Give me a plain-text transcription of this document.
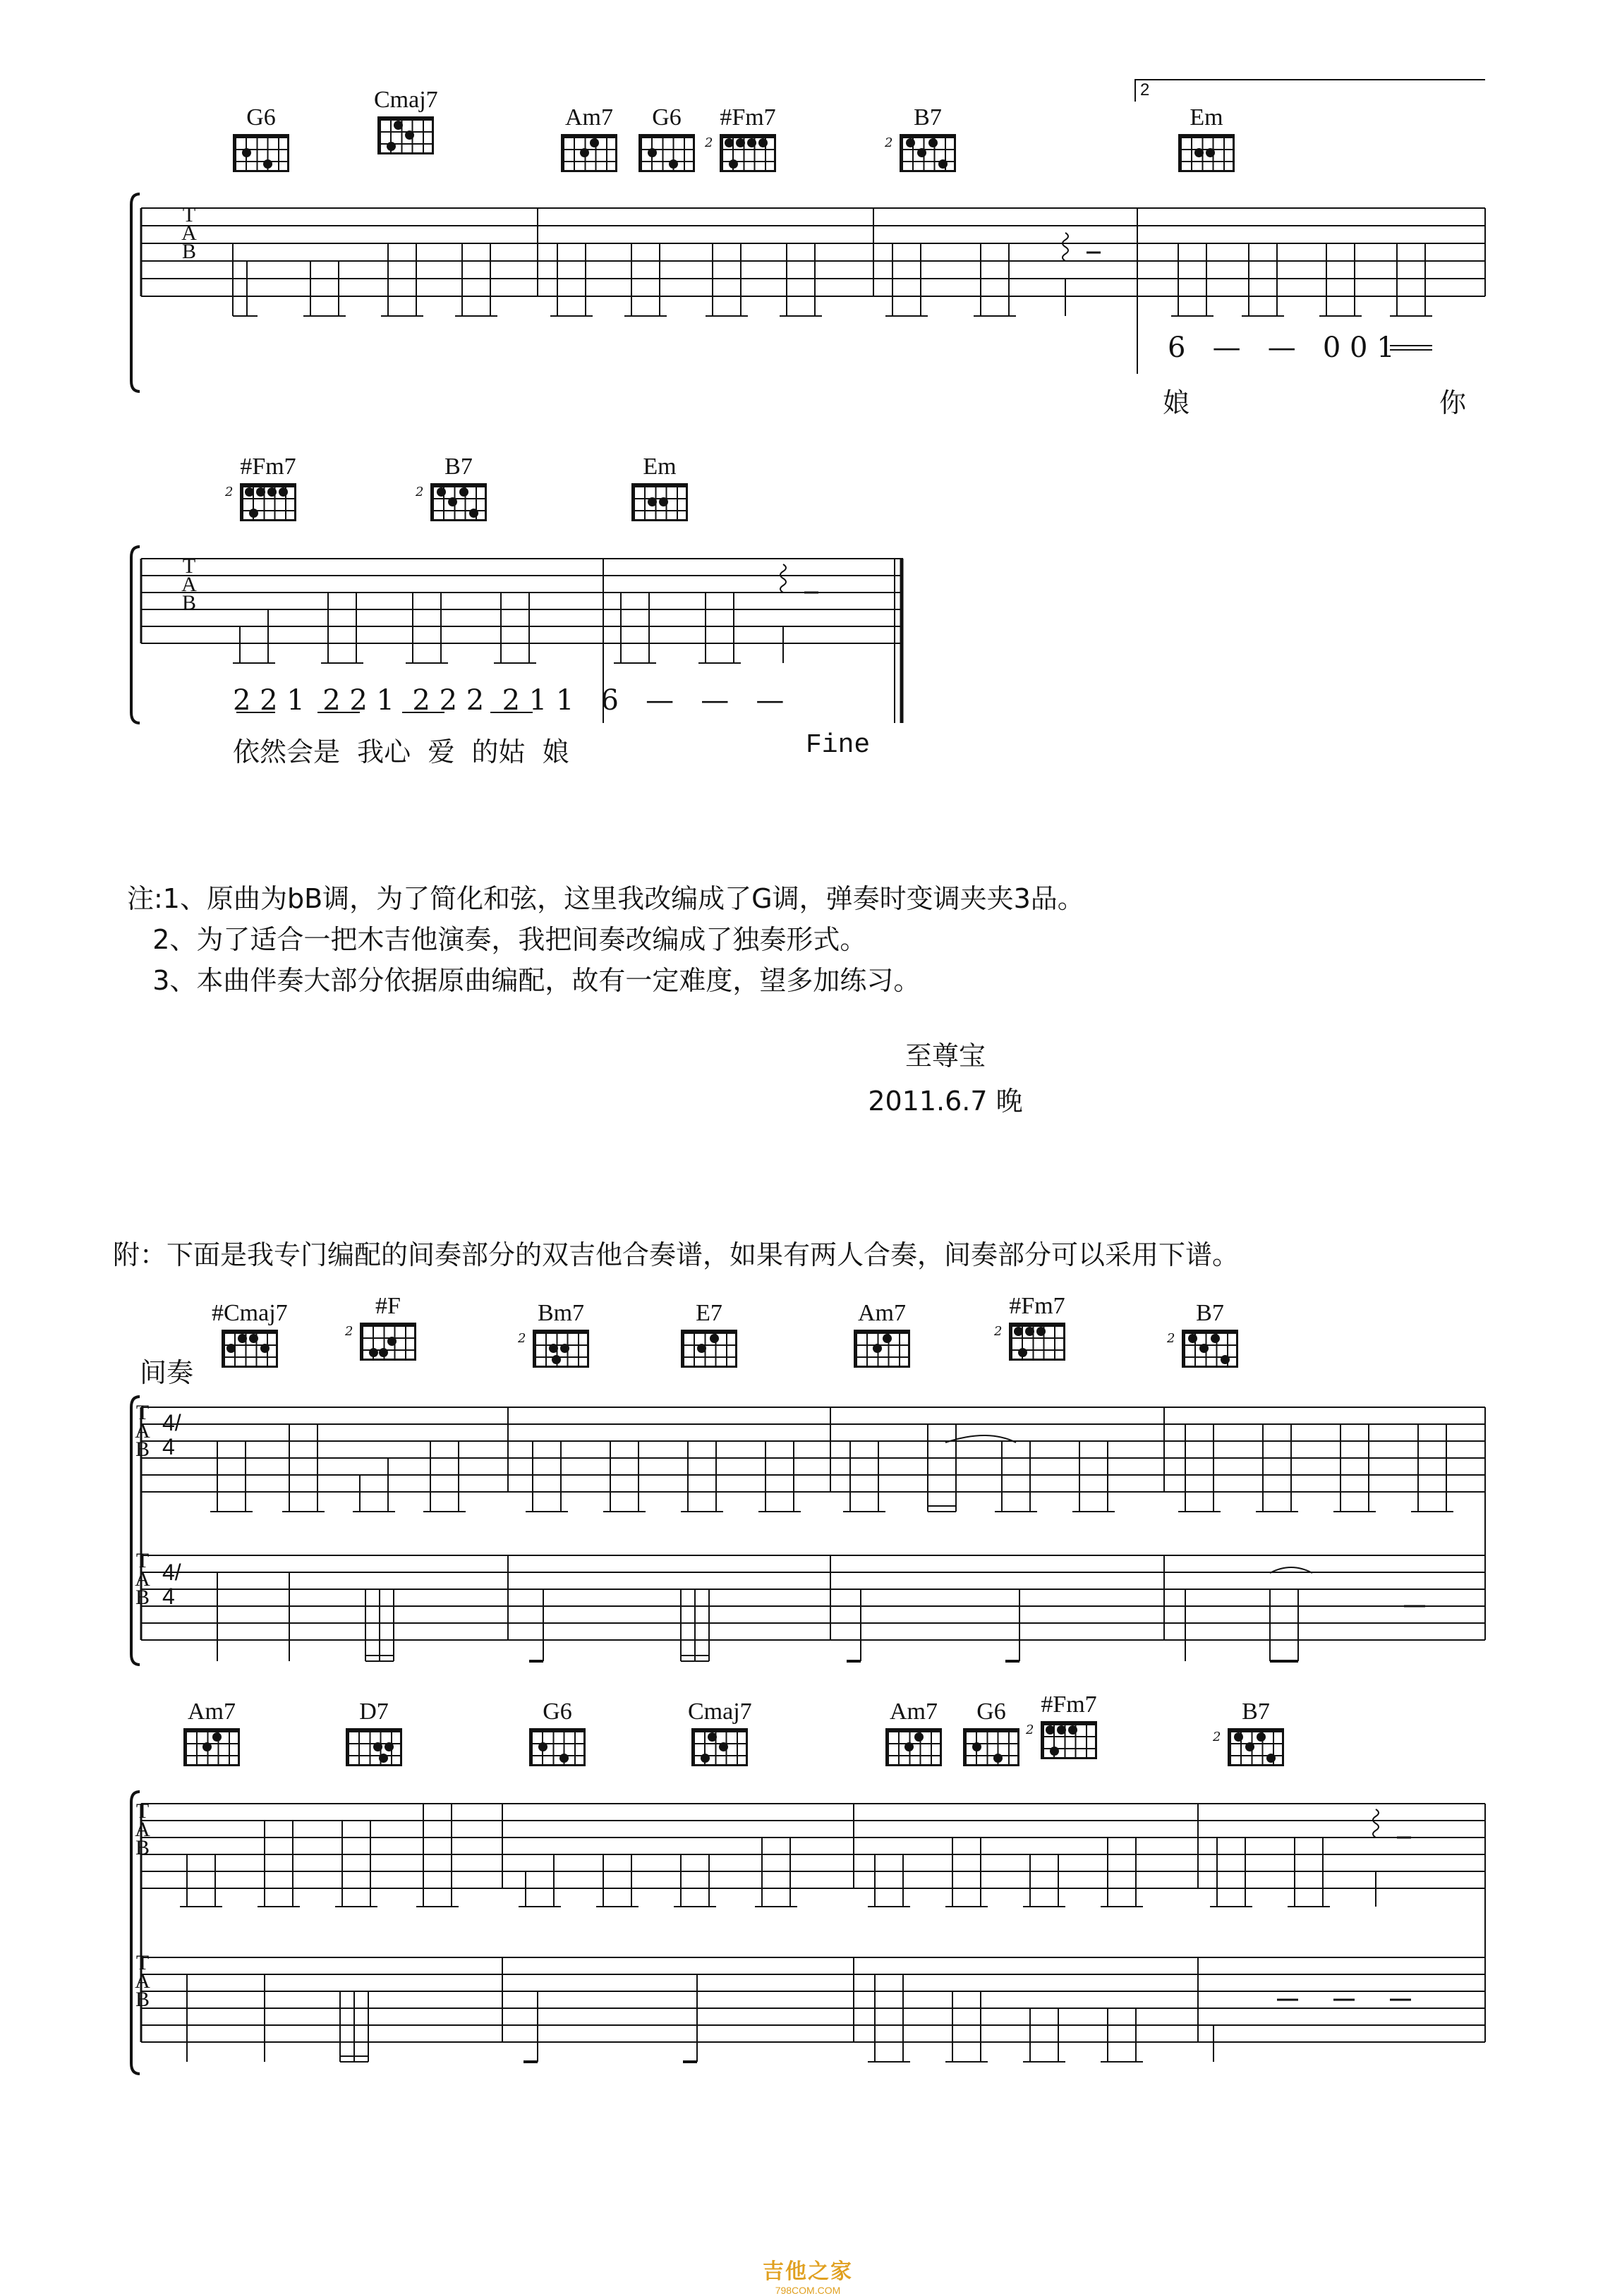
2
G6
Cmaj7
Am7 G6 #Fm7
2
B7
2
Em
T
A
B
6   —   —   0 0 1
娘	你
#Fm7
2
B7
2
Em
T
A
B
2 2 1  2 2 1  2 2 2  2 1 1   6   —   —   —
依然会是  我心  爱  的姑  娘	Fine
注:1、原曲为bB调，为了简化和弦，这里我改编成了G调，弹奏时变调夹夹3品。
2、为了适合一把木吉他演奏，我把间奏改编成了独奏形式。
3、本曲伴奏大部分依据原曲编配，故有一定难度，望多加练习。
至尊宝
2011.6.7 晚
附：下面是我专门编配的间奏部分的双吉他合奏谱，如果有两人合奏，间奏部分可以采用下谱。
间奏
#Cmaj7	#F
2
Bm7
2
E7	Am7	#Fm7
2
B7
2
T
A
B
T
A
B
4/4
4/4
Am7	D7	G6	Cmaj7	Am7 G6 #Fm7
2
B7
2
T
A
B
T
A
B
吉他之家
798COM.COM
